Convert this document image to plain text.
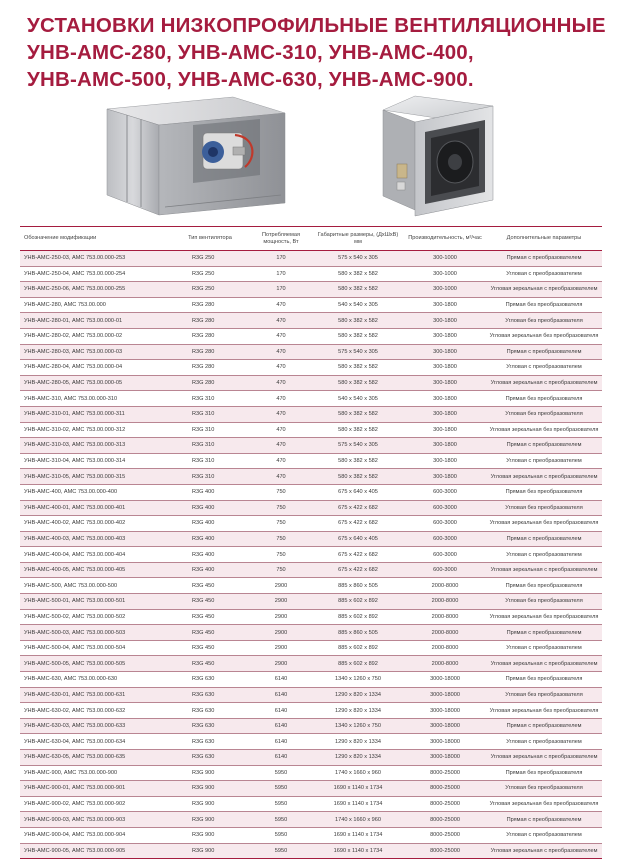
УСТАНОВКИ НИЗКОПРОФИЛЬНЫЕ ВЕНТИЛЯЦИОННЫЕ
УНВ-АМС-280, УНВ-АМС-310, УНВ-АМС-400,
УНВ-АМС-500, УНВ-АМС-630, УНВ-АМС-900.
Обозначение модификации	Тип вентилятора	Потребляемая мощность, Вт	Габаритные размеры, (ДхШхВ) мм	Производительность, м³/час	Дополнительные параметры
УНВ-АМС-250-03, АМС 753.00.000-253	R3G 250	170	575 x 540 x 305	300-1000	Прямая с преобразователем
УНВ-АМС-250-04, АМС 753.00.000-254	R3G 250	170	580 x 382 x 582	300-1000	Угловая с преобразователем
УНВ-АМС-250-06, АМС 753.00.000-255	R3G 250	170	580 x 382 x 582	300-1000	Угловая зеркальная с преобразователем
УНВ-АМС-280, АМС 753.00.000	R3G 280	470	540 x 540 x 305	300-1800	Прямая без преобразователя
УНВ-АМС-280-01, АМС 753.00.000-01	R3G 280	470	580 x 382 x 582	300-1800	Угловая без преобразователя
УНВ-АМС-280-02, АМС 753.00.000-02	R3G 280	470	580 x 382 x 582	300-1800	Угловая зеркальная без преобразователя
УНВ-АМС-280-03, АМС 753.00.000-03	R3G 280	470	575 x 540 x 305	300-1800	Прямая с преобразователем
УНВ-АМС-280-04, АМС 753.00.000-04	R3G 280	470	580 x 382 x 582	300-1800	Угловая с преобразователем
УНВ-АМС-280-05, АМС 753.00.000-05	R3G 280	470	580 x 382 x 582	300-1800	Угловая зеркальная с преобразователем
УНВ-АМС-310, АМС 753.00.000-310	R3G 310	470	540 x 540 x 305	300-1800	Прямая без преобразователя
УНВ-АМС-310-01, АМС 753.00.000-311	R3G 310	470	580 x 382 x 582	300-1800	Угловая без преобразователя
УНВ-АМС-310-02, АМС 753.00.000-312	R3G 310	470	580 x 382 x 582	300-1800	Угловая зеркальная без преобразователя
УНВ-АМС-310-03, АМС 753.00.000-313	R3G 310	470	575 x 540 x 305	300-1800	Прямая с преобразователем
УНВ-АМС-310-04, АМС 753.00.000-314	R3G 310	470	580 x 382 x 582	300-1800	Угловая с преобразователем
УНВ-АМС-310-05, АМС 753.00.000-315	R3G 310	470	580 x 382 x 582	300-1800	Угловая зеркальная с преобразователем
УНВ-АМС-400, АМС 753.00.000-400	R3G 400	750	675 x 640 x 405	600-3000	Прямая без преобразователя
УНВ-АМС-400-01, АМС 753.00.000-401	R3G 400	750	675 x 422 x 682	600-3000	Угловая без преобразователя
УНВ-АМС-400-02, АМС 753.00.000-402	R3G 400	750	675 x 422 x 682	600-3000	Угловая зеркальная без преобразователя
УНВ-АМС-400-03, АМС 753.00.000-403	R3G 400	750	675 x 640 x 405	600-3000	Прямая с преобразователем
УНВ-АМС-400-04, АМС 753.00.000-404	R3G 400	750	675 x 422 x 682	600-3000	Угловая с преобразователем
УНВ-АМС-400-05, АМС 753.00.000-405	R3G 400	750	675 x 422 x 682	600-3000	Угловая зеркальная с преобразователем
УНВ-АМС-500, АМС 753.00.000-500	R3G 450	2900	885 x 860 x 505	2000-8000	Прямая без преобразователя
УНВ-АМС-500-01, АМС 753.00.000-501	R3G 450	2900	885 x 602 x 892	2000-8000	Угловая без преобразователя
УНВ-АМС-500-02, АМС 753.00.000-502	R3G 450	2900	885 x 602 x 892	2000-8000	Угловая зеркальная без преобразователя
УНВ-АМС-500-03, АМС 753.00.000-503	R3G 450	2900	885 x 860 x 505	2000-8000	Прямая с преобразователем
УНВ-АМС-500-04, АМС 753.00.000-504	R3G 450	2900	885 x 602 x 892	2000-8000	Угловая с преобразователем
УНВ-АМС-500-05, АМС 753.00.000-505	R3G 450	2900	885 x 602 x 892	2000-8000	Угловая зеркальная с преобразователем
УНВ-АМС-630, АМС 753.00.000-630	R3G 630	6140	1340 x 1260 x 750	3000-18000	Прямая без преобразователя
УНВ-АМС-630-01, АМС 753.00.000-631	R3G 630	6140	1290 x 820 x 1334	3000-18000	Угловая без преобразователя
УНВ-АМС-630-02, АМС 753.00.000-632	R3G 630	6140	1290 x 820 x 1334	3000-18000	Угловая зеркальная без преобразователя
УНВ-АМС-630-03, АМС 753.00.000-633	R3G 630	6140	1340 x 1260 x 750	3000-18000	Прямая с преобразователем
УНВ-АМС-630-04, АМС 753.00.000-634	R3G 630	6140	1290 x 820 x 1334	3000-18000	Угловая с преобразователем
УНВ-АМС-630-05, АМС 753.00.000-635	R3G 630	6140	1290 x 820 x 1334	3000-18000	Угловая зеркальная с преобразователем
УНВ-АМС-900, АМС 753.00.000-900	R3G 900	5950	1740 x 1660 x 960	8000-25000	Прямая без преобразователя
УНВ-АМС-900-01, АМС 753.00.000-901	R3G 900	5950	1690 x 1140 x 1734	8000-25000	Угловая без преобразователя
УНВ-АМС-900-02, АМС 753.00.000-902	R3G 900	5950	1690 x 1140 x 1734	8000-25000	Угловая зеркальная без преобразователя
УНВ-АМС-900-03, АМС 753.00.000-903	R3G 900	5950	1740 x 1660 x 960	8000-25000	Прямая с преобразователем
УНВ-АМС-900-04, АМС 753.00.000-904	R3G 900	5950	1690 x 1140 x 1734	8000-25000	Угловая с преобразователем
УНВ-АМС-900-05, АМС 753.00.000-905	R3G 900	5950	1690 x 1140 x 1734	8000-25000	Угловая зеркальная с преобразователем
